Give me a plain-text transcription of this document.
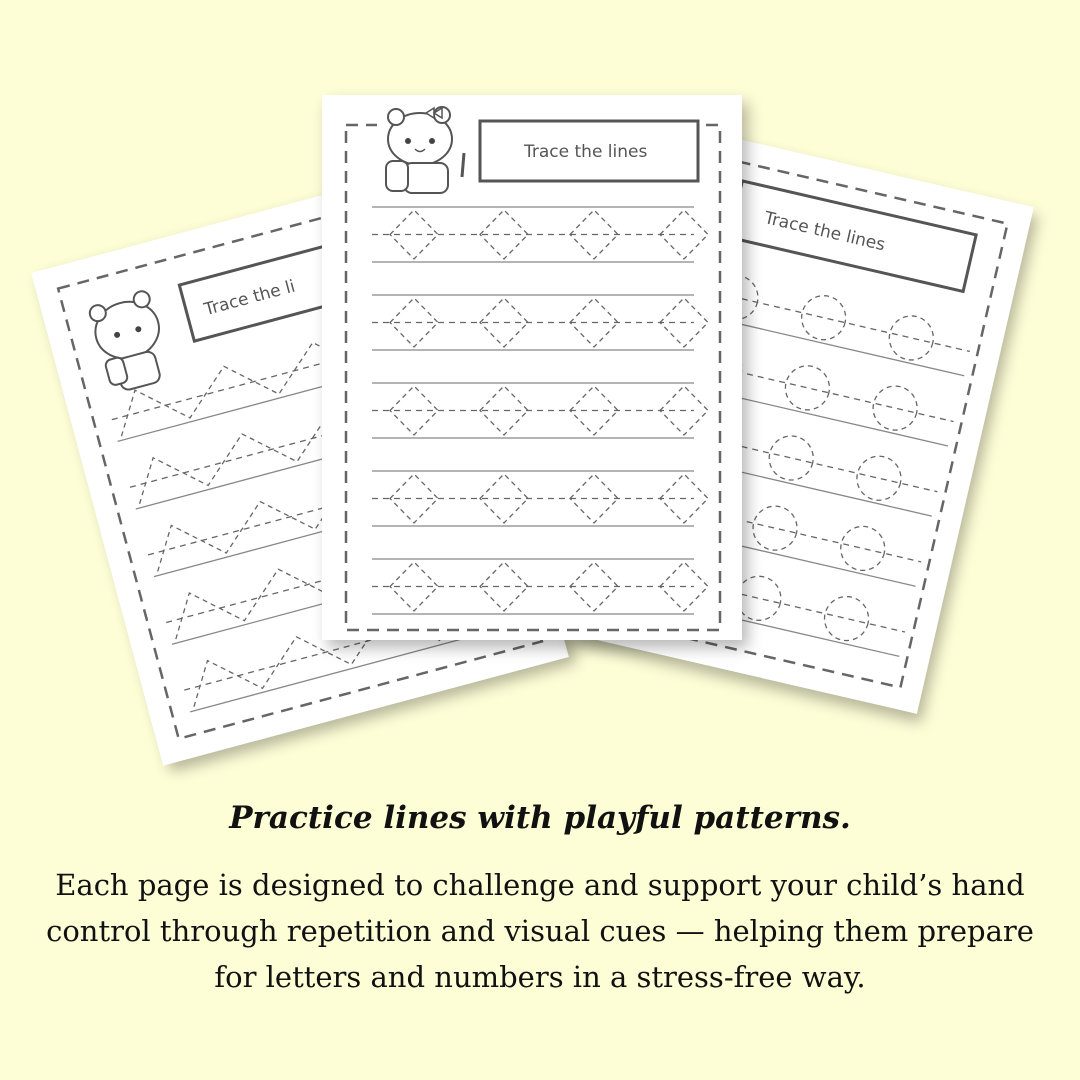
Trace the li
Trace the lines
Trace the lines
Practice lines with playful patterns.
Each page is designed to challenge and support your child’s hand control through repetition and visual cues — helping them prepare for letters and numbers in a stress-free way.
